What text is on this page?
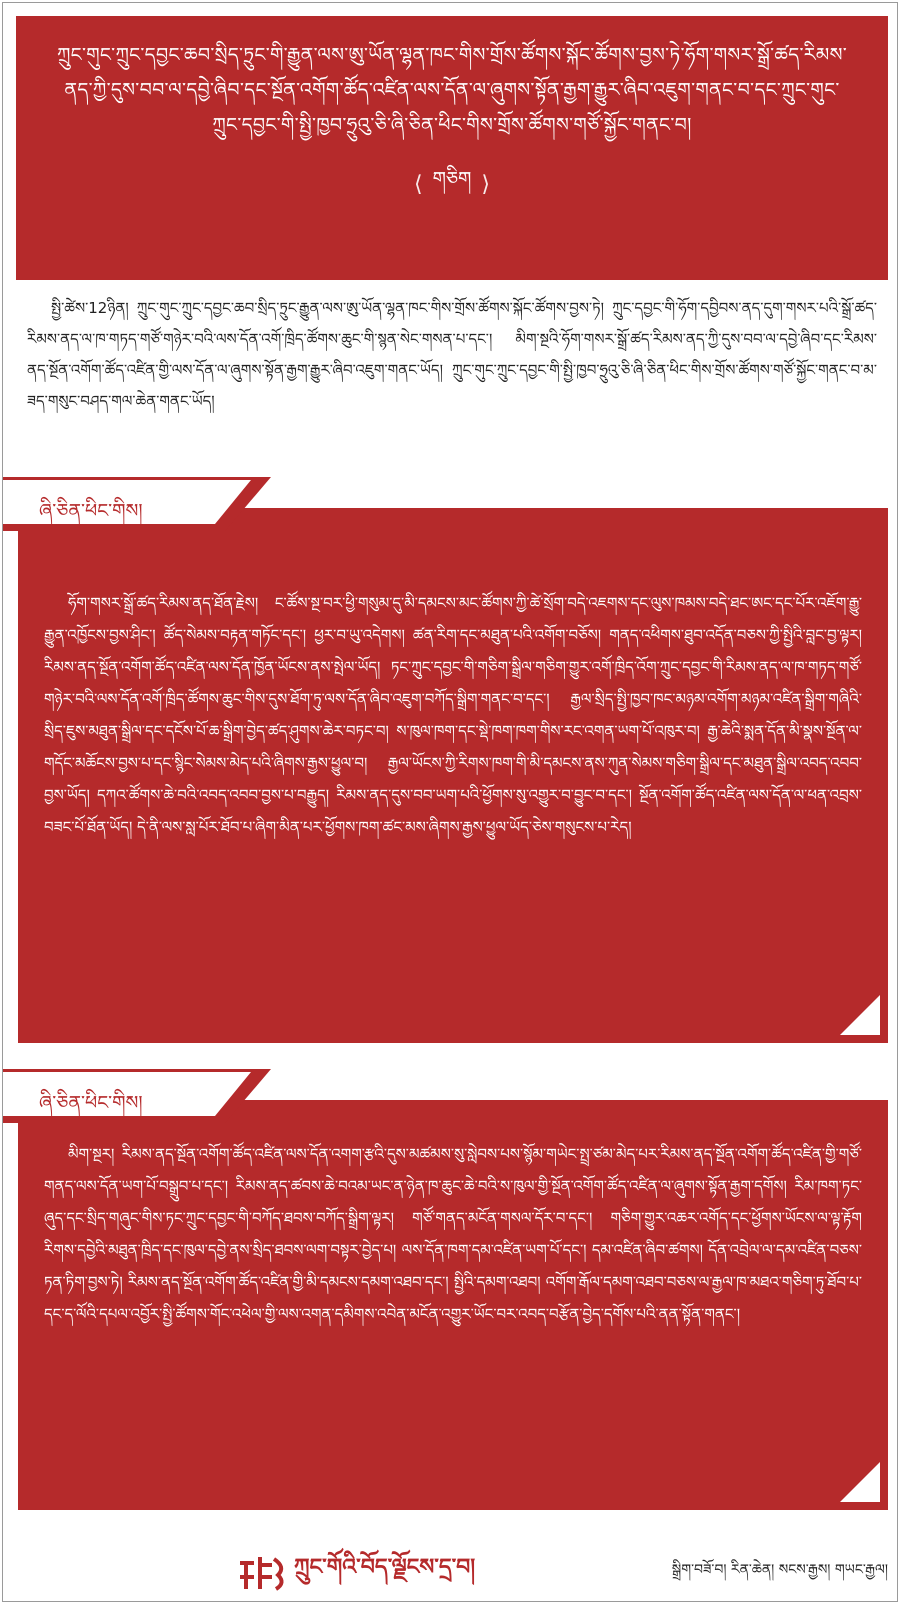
ཀྲུང་གུང་ཀྲུང་དབྱང་ཆབ་སྲིད་ཏྲུང་གི་རྒྱུན་ལས་ཨུ་ཡོན་ལྷན་ཁང་གིས་གྲོས་ཚོགས་སྐོང་ཚོགས་བྱས་ཏེ་ཧོག་གསར་སྒྲོ་ཚད་རིམས་ནད་ཀྱི་དུས་བབ་ལ་དབྱེ་ཞིབ་དང་སྔོན་འགོག་ཚོད་འཛིན་ལས་དོན་ལ་ཞུགས་སྟོན་རྒྱག་རྒྱུར་ཞིབ་འཇུག་གནང་བ་དང་ཀྲུང་གུང་ཀྲུང་དབྱང་གི་སྤྱི་ཁྱབ་ཧྲུའུ་ཅི་ཞི་ཅིན་ཕིང་གིས་གྲོས་ཚོགས་གཙོ་སྐྱོང་གནང་བ།

⟨ གཅིག ⟩

སྤྱི་ཚེས་12ཉིན། ཀྲུང་གུང་ཀྲུང་དབྱང་ཆབ་སྲིད་ཏྲུང་རྒྱུན་ལས་ཨུ་ཡོན་ལྷན་ཁང་གིས་གྲོས་ཚོགས་སྐོང་ཚོགས་བྱས་ཏེ། ཀྲུང་དབྱང་གི་ཧོག་དབྱིབས་ནད་དུག་གསར་པའི་སྒྲོ་ཚད་རིམས་ནད་ལ་ཁ་གཏད་གཙོ་གཉེར་བའི་ལས་དོན་འགོ་ཁྲིད་ཚོགས་ཆུང་གི་སྙན་སེང་གསན་པ་དང་། མིག་སྔའི་ཧོག་གསར་སྒྲོ་ཚད་རིམས་ནད་ཀྱི་དུས་བབ་ལ་དབྱེ་ཞིབ་དང་རིམས་ནད་སྔོན་འགོག་ཚོད་འཛིན་གྱི་ལས་དོན་ལ་ཞུགས་སྟོན་རྒྱག་རྒྱུར་ཞིབ་འཇུག་གནང་ཡོད། ཀྲུང་གུང་ཀྲུང་དབྱང་གི་སྤྱི་ཁྱབ་ཧྲུའུ་ཅི་ཞི་ཅིན་ཕིང་གིས་གྲོས་ཚོགས་གཙོ་སྐྱོང་གནང་བ་མ་ཟད་གསུང་བཤད་གལ་ཆེན་གནང་ཡོད།

ཞི་ཅིན་ཕིང་གིས།

ཧོག་གསར་སྒྲོ་ཚད་རིམས་ནད་ཐོན་རྗེས། ང་ཚོས་སྔ་བར་ཕྱི་གསུམ་དུ་མི་དམངས་མང་ཚོགས་ཀྱི་ཚེ་སྲོག་བདེ་འཇགས་དང་ལུས་ཁམས་བདེ་ཐང་ཨང་དང་པོར་འཇོག་རྒྱུ་རྒྱུན་འཁྱོངས་བྱས་ཤིང་། ཚོད་སེམས་བརྟན་གཏོང་དང་། ཕྱར་བ་ཡུ་འདེགས། ཚན་རིག་དང་མཐུན་པའི་འགོག་བཅོས། གནད་འཕིགས་ཐུབ་འདོན་བཅས་ཀྱི་སྤྱིའི་བླང་བྱ་ལྟར། རིམས་ནད་སྔོན་འགོག་ཚོད་འཛིན་ལས་དོན་ཁྱོན་ཡོངས་ནས་སྤེལ་ཡོད། ཏང་ཀྲུང་དབྱང་གི་གཅིག་སྒྲིལ་གཅིག་གྱུར་འགོ་ཁྲིད་འོག་ཀྲུང་དབྱང་གི་རིམས་ནད་ལ་ཁ་གཏད་གཙོ་གཉེར་བའི་ལས་དོན་འགོ་ཁྲིད་ཚོགས་ཆུང་གིས་དུས་ཐོག་ཏུ་ལས་དོན་ཞིབ་འཇུག་བཀོད་སྒྲིག་གནང་བ་དང་། རྒྱལ་སྲིད་སྤྱི་ཁྱབ་ཁང་མཉམ་འགོག་མཉམ་འཛིན་སྒྲིག་གཞིའི་སྲིད་ཇུས་མཐུན་སྒྲིལ་དང་དངོས་པོ་ཆ་སྒྲིག་བྱེད་ཚད་ཤུགས་ཆེར་བཏང་བ། ས་ཁུལ་ཁག་དང་སྡེ་ཁག་ཁག་གིས་རང་འགན་ཡག་པོ་འཁུར་བ། རྒྱ་ཆེའི་སྨན་དོན་མི་སྣས་སྔོན་ལ་གདོང་མཆོངས་བྱས་པ་དང་སྙིང་སེམས་མེད་པའི་ཞིགས་རྒྱས་ཕྱུལ་བ། རྒྱལ་ཡོངས་ཀྱི་རིགས་ཁག་གི་མི་དམངས་ནས་ཀུན་སེམས་གཅིག་སྒྲིལ་དང་མཐུན་སྒྲིལ་འབད་འབབ་བྱས་ཡོད། དཀའ་ཚོགས་ཆེ་བའི་འབད་འབབ་བྱས་པ་བརྒྱུད། རིམས་ནད་དུས་བབ་ཡག་པའི་ཕྱོགས་སུ་འགྱུར་བ་བྱུང་བ་དང་། སྔོན་འགོག་ཚོད་འཛིན་ལས་དོན་ལ་ཕན་འབྲས་བཟང་པོ་ཐོན་ཡོད། དེ་ནི་ལས་སླ་པོར་ཐོབ་པ་ཞིག་མིན་པར་ཕྱོགས་ཁག་ཚང་མས་ཞིགས་རྒྱས་ཕྱུལ་ཡོད་ཅེས་གསུངས་པ་རེད།

ཞི་ཅིན་ཕིང་གིས།

མིག་སྔར། རིམས་ནད་སྔོན་འགོག་ཚོད་འཛིན་ལས་དོན་འགག་རྩའི་དུས་མཚམས་སུ་སླེབས་པས་སྙོམ་གཡེང་སྤྲ་ཙམ་མེད་པར་རིམས་ནད་སྔོན་འགོག་ཚོད་འཛིན་གྱི་གཙོ་གནད་ལས་དོན་ཡག་པོ་བསྒྲུབ་པ་དང་། རིམས་ནད་ཚབས་ཆེ་བའམ་ཡང་ན་ཉེན་ཁ་ཆུང་ཆེ་བའི་ས་ཁུལ་གྱི་སྔོན་འགོག་ཚོད་འཛིན་ལ་ཞུགས་སྟོན་རྒྱག་དགོས། རིམ་ཁག་ཏང་ཞུད་དང་སྲིད་གཞུང་གིས་ཏང་ཀྲུང་དབྱང་གི་བཀོད་ཐབས་བཀོད་སྒྲིག་ལྟར། གཙོ་གནད་མངོན་གསལ་དོར་བ་དང་། གཅིག་གྱུར་འཆར་འགོད་དང་ཕྱོགས་ཡོངས་ལ་ལྟ་རྟོག རིགས་དབྱེའི་མཐུན་ཁྲིད་དང་ཁུལ་དབྱེ་ནས་སྲིད་ཐབས་ལག་བསྟར་བྱེད་པ། ལས་དོན་ཁག་དམ་འཛིན་ཡག་པོ་དང་། དམ་འཛིན་ཞིབ་ཚགས། དོན་འབྲེལ་ལ་དམ་འཛིན་བཅས་ཏན་ཏིག་བྱས་ཏེ། རིམས་ནད་སྔོན་འགོག་ཚོད་འཛིན་གྱི་མི་དམངས་དམག་འཐབ་དང་། སྤྱིའི་དམག་འཐབ། འགོག་རྒོལ་དམག་འཐབ་བཅས་ལ་རྒྱལ་ཁ་མཐའ་གཅིག་ཏུ་ཐོབ་པ་དང་ད་ལོའི་དཔལ་འབྱོར་སྤྱི་ཚོགས་གོང་འཕེལ་གྱི་ལས་འགན་དམིགས་འབེན་མངོན་འགྱུར་ཡོང་བར་འབད་བརྩོན་བྱེད་དགོས་པའི་ནན་སྟོན་གནང་།

ཀྲུང་གོའི་བོད་ལྗོངས་དྲ་བ།	སྒྲིག་བཟོ་བ། རིན་ཆེན། སངས་རྒྱས། གཡང་རྒྱལ།
